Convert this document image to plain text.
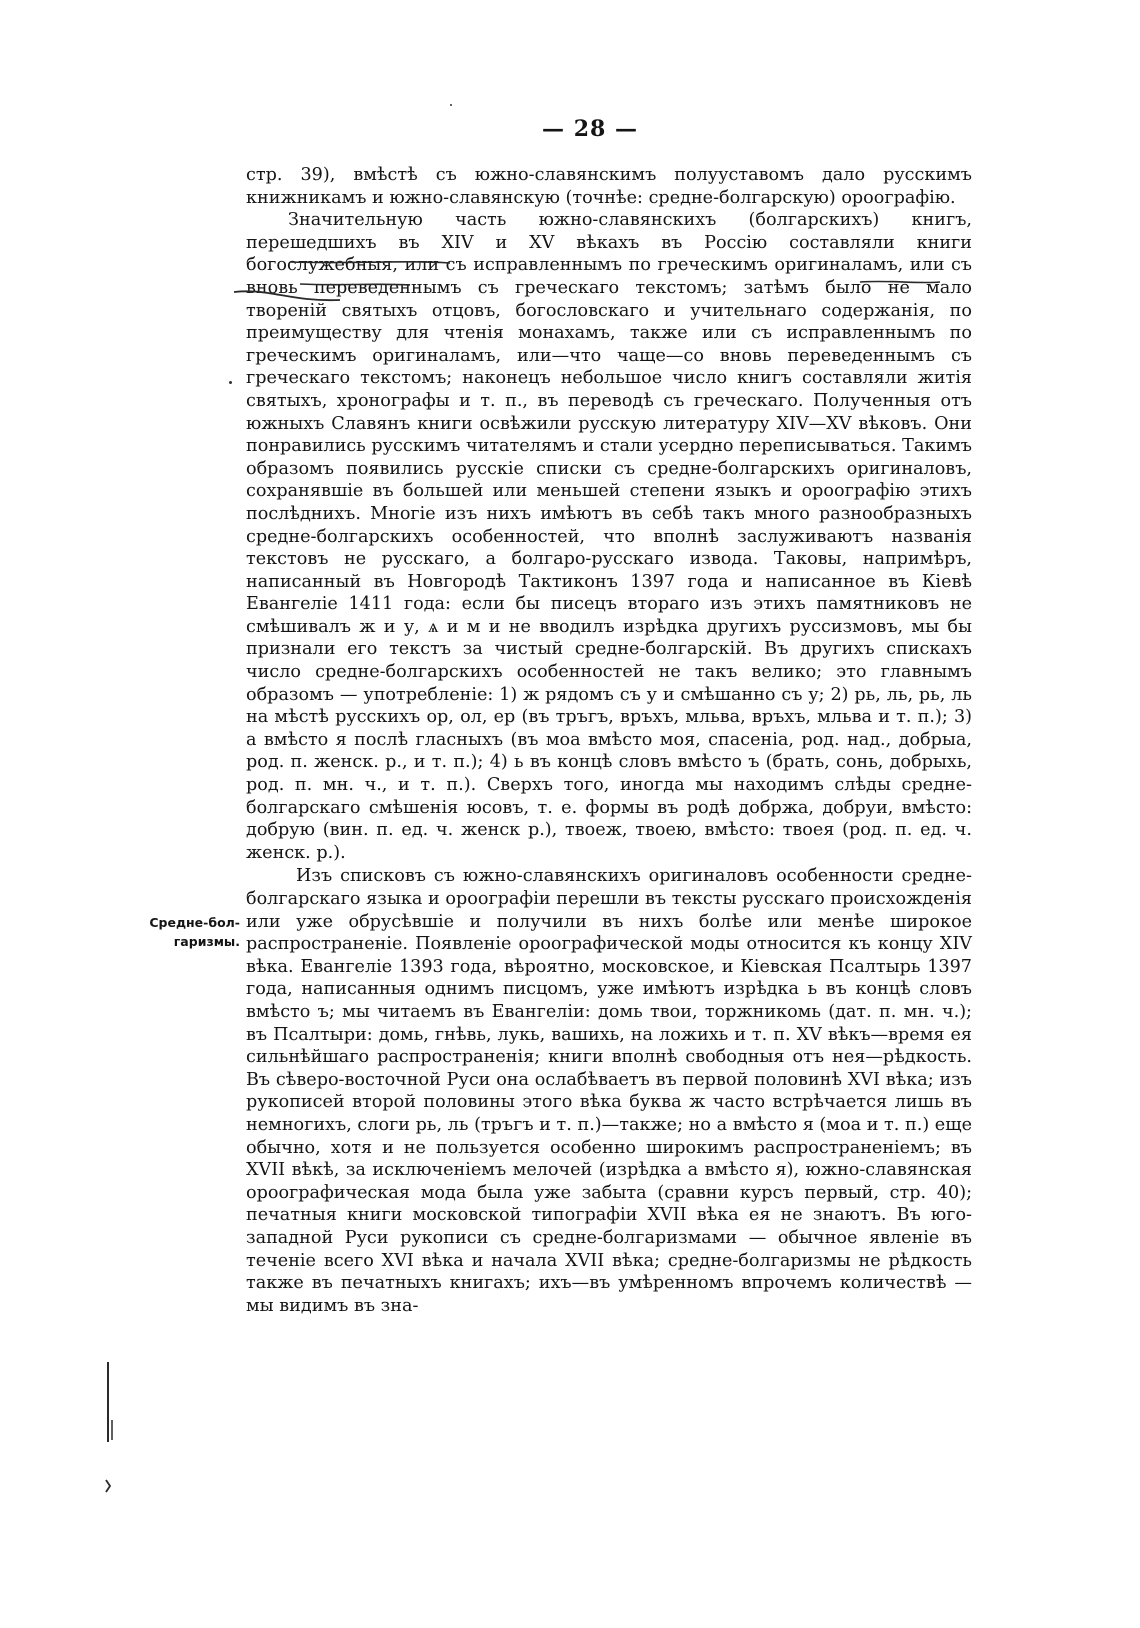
— 28 —

стр. 39), вмѣстѣ съ южно-славянскимъ полууставомъ дало русскимъ книжникамъ и южно-славянскую (точнѣе: средне-болгарскую) ороографію.

Значительную часть южно-славянскихъ (болгарскихъ) книгъ, перешедшихъ въ XIV и XV вѣкахъ въ Россію составляли книги богослужебныя, или съ исправленнымъ по греческимъ оригиналамъ, или съ вновь переведеннымъ съ греческаго текстомъ; затѣмъ было не мало твореній святыхъ отцовъ, богословскаго и учительнаго содержанія, по преимуществу для чтенія монахамъ, также или съ исправленнымъ по греческимъ оригиналамъ, или—что чаще—со вновь переведеннымъ съ греческаго текстомъ; наконецъ небольшое число книгъ составляли житія святыхъ, хронографы и т. п., въ переводѣ съ греческаго. Полученныя отъ южныхъ Славянъ книги освѣжили русскую литературу XIV—XV вѣковъ. Они понравились русскимъ читателямъ и стали усердно переписываться. Такимъ образомъ появились русскіе списки съ средне-болгарскихъ оригиналовъ, сохранявшіе въ большей или меньшей степени языкъ и ороографію этихъ послѣднихъ. Многіе изъ нихъ имѣютъ въ себѣ такъ много разнообразныхъ средне-болгарскихъ особенностей, что вполнѣ заслуживаютъ названія текстовъ не русскаго, а болгаро-русскаго извода. Таковы, напримѣръ, написанный въ Новгородѣ Тактиконъ 1397 года и написанное въ Кіевѣ Евангеліе 1411 года: если бы писецъ втораго изъ этихъ памятниковъ не смѣшивалъ ж и у, ѧ и м и не вводилъ изрѣдка другихъ руссизмовъ, мы бы признали его текстъ за чистый средне-болгарскій. Въ другихъ спискахъ число средне-болгарскихъ особенностей не такъ велико; это главнымъ образомъ — употребленіе: 1) ж рядомъ съ у и смѣшанно съ у; 2) рь, ль, рь, ль на мѣстѣ русскихъ ор, ол, ер (въ тръгъ, връхъ, мльва, връхъ, мльва и т. п.); 3) а вмѣсто я послѣ гласныхъ (въ моа вмѣсто моя, спасеніа, род. над., добрыа, род. п. женск. р., и т. п.); 4) ь въ концѣ словъ вмѣсто ъ (брать, сонь, добрыхь, род. п. мн. ч., и т. п.). Сверхъ того, иногда мы находимъ слѣды средне-болгарскаго смѣшенія юсовъ, т. е. формы въ родѣ добржа, добруи, вмѣсто: добрую (вин. п. ед. ч. женск р.), твоеж, твоею, вмѣсто: твоея (род. п. ед. ч. женск. р.).

Изъ списковъ съ южно-славянскихъ оригиналовъ особенности средне-болгарскаго языка и ороографіи перешли въ тексты русскаго происхожденія или уже обрусѣвшіе и получили въ нихъ болѣе или менѣе широкое распространеніе. Появленіе ороографической моды относится къ концу XIV вѣка. Евангеліе 1393 года, вѣроятно, московское, и Кіевская Псалтырь 1397 года, написанныя однимъ писцомъ, уже имѣютъ изрѣдка ь въ концѣ словъ вмѣсто ъ; мы читаемъ въ Евангеліи: домь твои, торжникомь (дат. п. мн. ч.); въ Псалтыри: домь, гнѣвь, лукь, вашихь, на ложихь и т. п. XV вѣкъ—время ея сильнѣйшаго распространенія; книги вполнѣ свободныя отъ нея—рѣдкость. Въ сѣверо-восточной Руси она ослабѣваетъ въ первой половинѣ XVI вѣка; изъ рукописей второй половины этого вѣка буква ж часто встрѣчается лишь въ немногихъ, слоги рь, ль (тръгъ и т. п.)—также; но а вмѣсто я (моа и т. п.) еще обычно, хотя и не пользуется особенно широкимъ распространеніемъ; въ XVII вѣкѣ, за исключеніемъ мелочей (изрѣдка а вмѣсто я), южно-славянская ороографическая мода была уже забыта (сравни курсъ первый, стр. 40); печатныя книги московской типографіи XVII вѣка ея не знаютъ. Въ юго-западной Руси рукописи съ средне-болгаризмами — обычное явленіе въ теченіе всего XVI вѣка и начала XVII вѣка; средне-болгаризмы не рѣдкость также въ печатныхъ книгахъ; ихъ—въ умѣренномъ впрочемъ количествѣ — мы видимъ въ зна-

Средне-бол-
гаризмы.
